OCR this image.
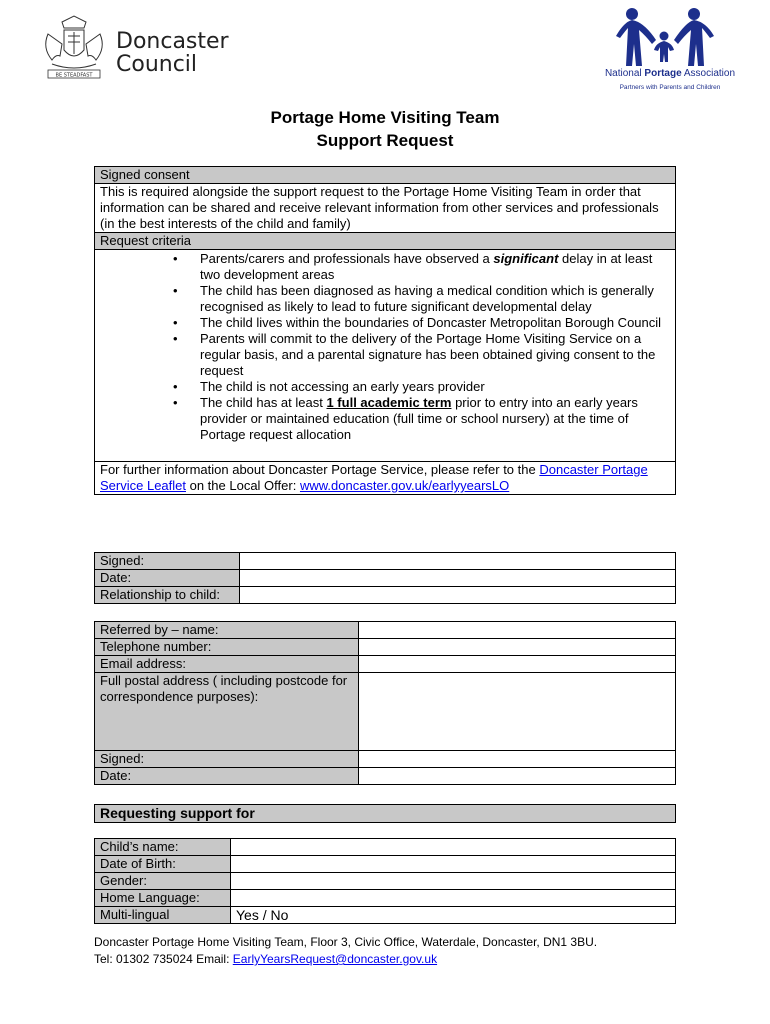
BE STEADFAST
Doncaster
Council	National Portage Association
Partners with Parents and Children
Portage Home Visiting Team
Support Request
Signed consent
This is required alongside the support request to the Portage Home Visiting Team in order that information can be shared and receive relevant information from other services and professionals (in the best interests of the child and family)
Request criteria

• Parents/carers and professionals have observed a significant delay in at least two development areas
• The child has been diagnosed as having a medical condition which is generally recognised as likely to lead to future significant developmental delay
• The child lives within the boundaries of Doncaster Metropolitan Borough Council
• Parents will commit to the delivery of the Portage Home Visiting Service on a regular basis, and a parental signature has been obtained giving consent to the request
• The child is not accessing an early years provider
• The child has at least 1 full academic term prior to entry into an early years provider or maintained education (full time or school nursery) at the time of Portage request allocation

For further information about Doncaster Portage Service, please refer to the Doncaster Portage Service Leaflet on the Local Offer: www.doncaster.gov.uk/earlyyearsLO
Signed:	
Date:	
Relationship to child:	
Referred by – name:	
Telephone number:	
Email address:	
Full postal address ( including postcode for correspondence purposes):	
Signed:	
Date:	
Requesting support for
Child’s name:	
Date of Birth:	
Gender:	
Home Language:	
Multi-lingual	Yes / No
Doncaster Portage Home Visiting Team, Floor 3, Civic Office, Waterdale, Doncaster, DN1 3BU.
Tel: 01302 735024 Email: EarlyYearsRequest@doncaster.gov.uk
